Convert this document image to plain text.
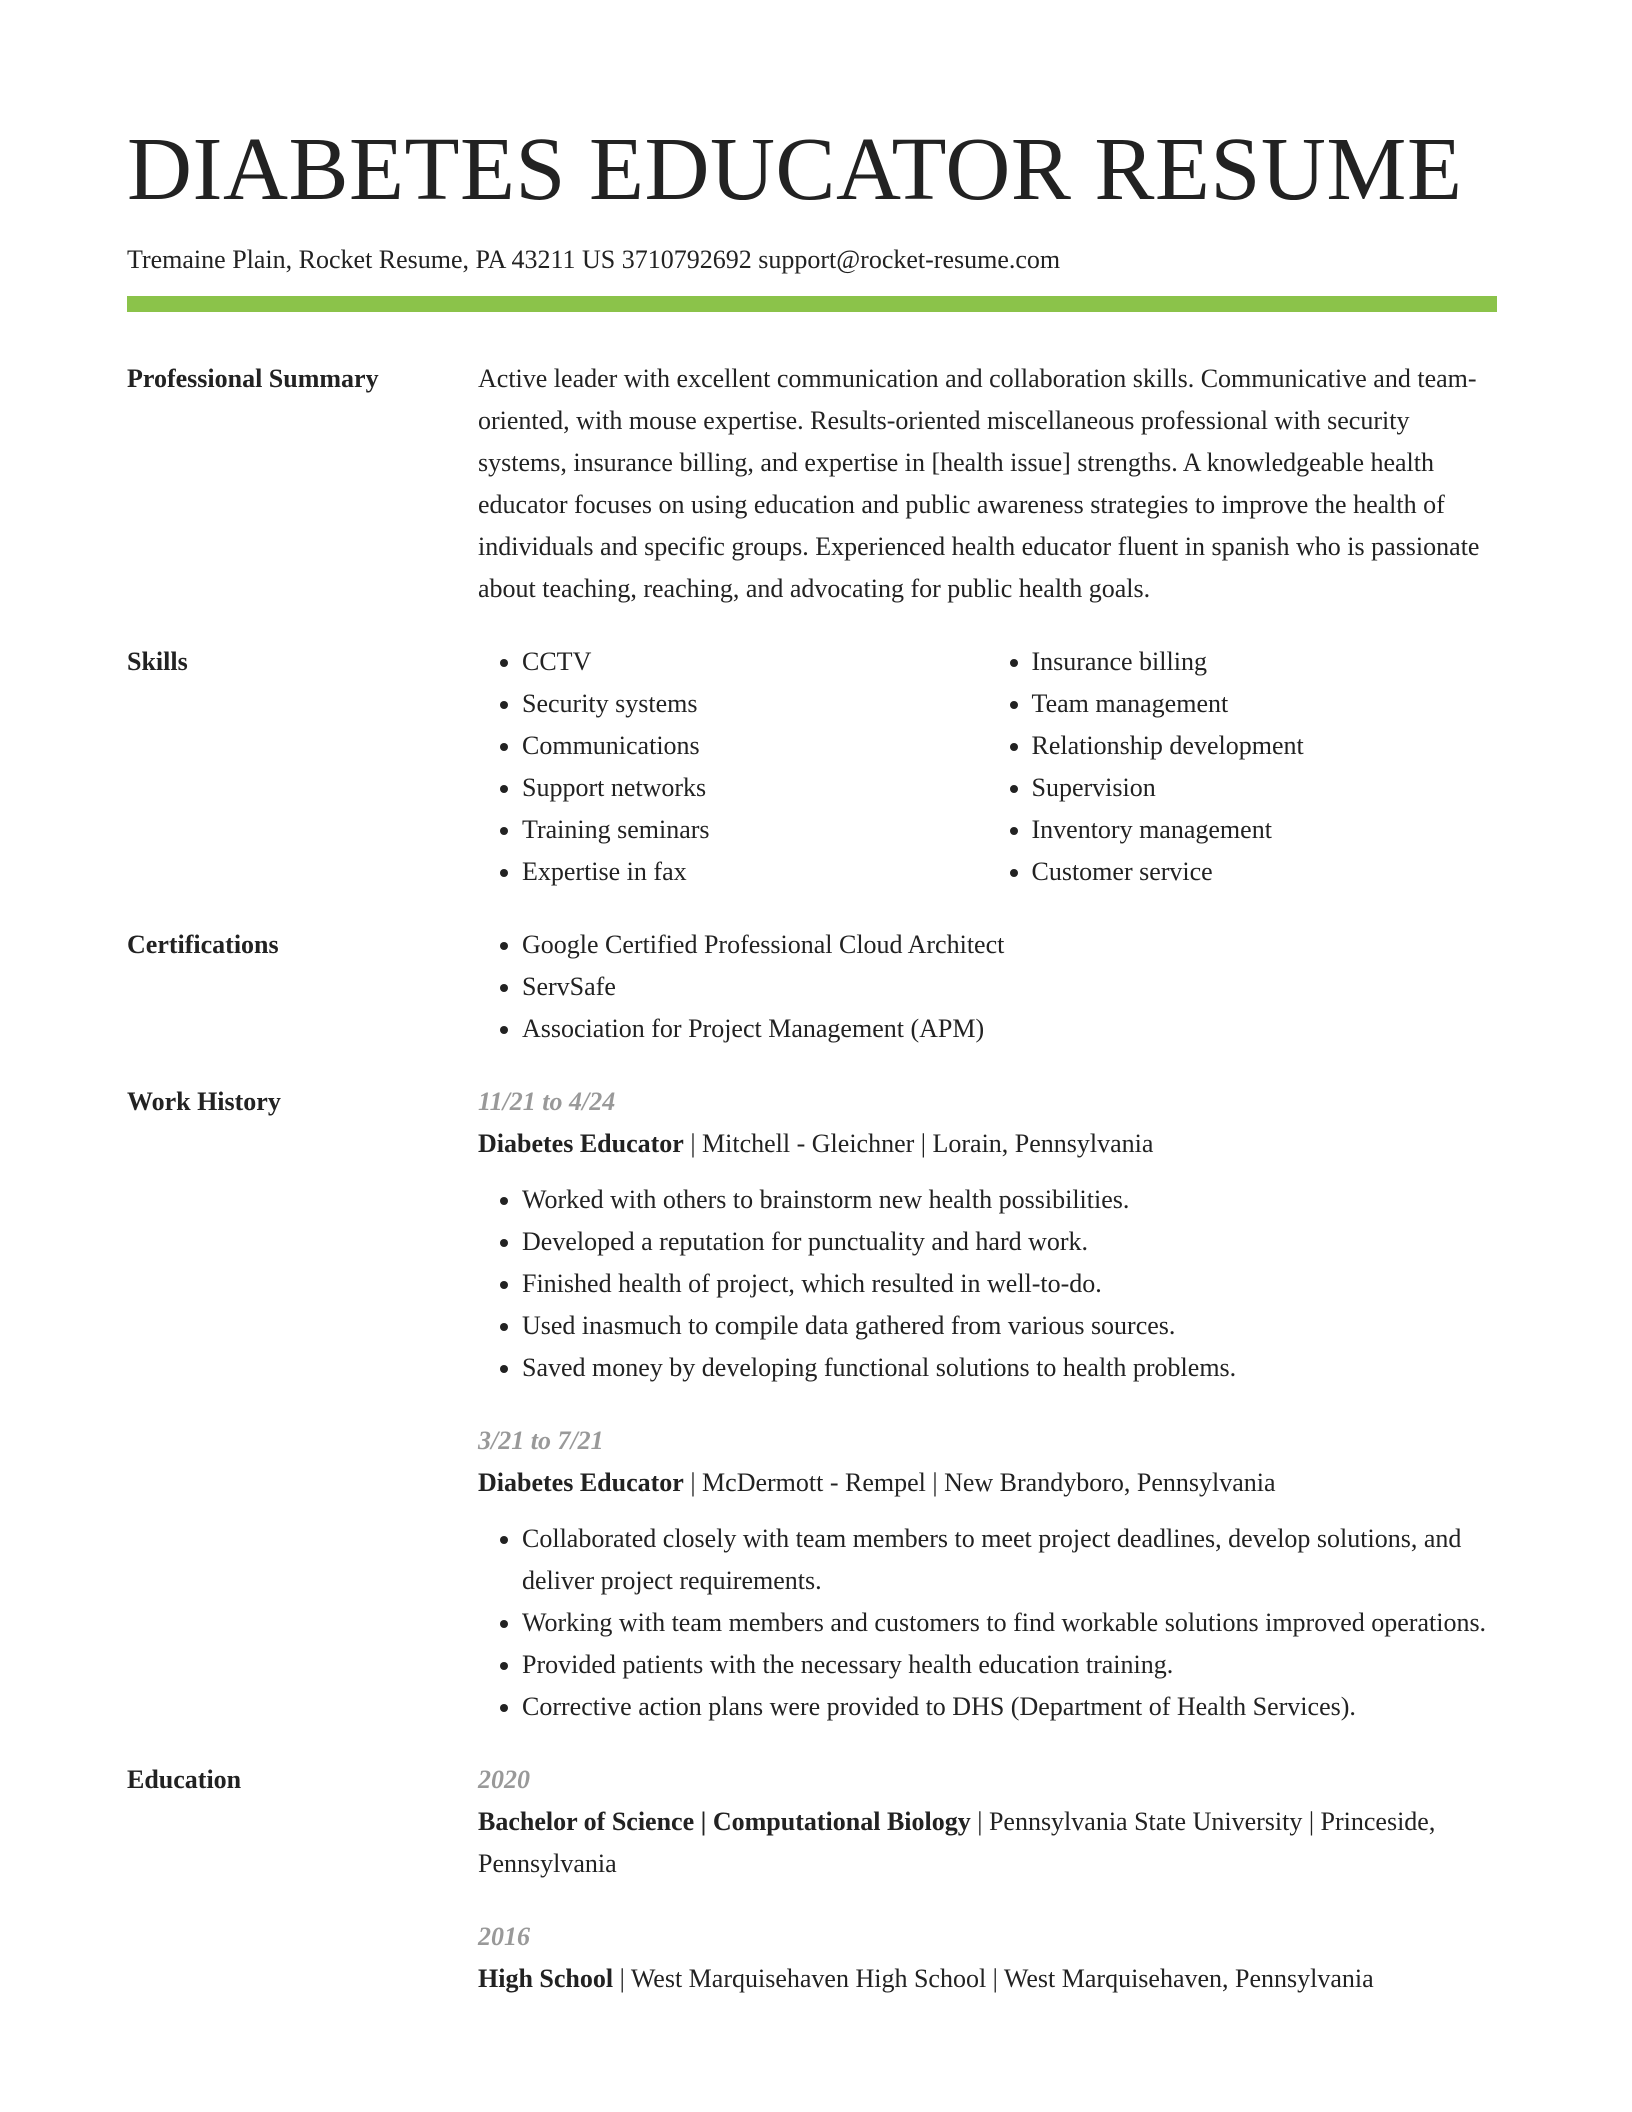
DIABETES EDUCATOR RESUME
Tremaine Plain, Rocket Resume, PA 43211 US 3710792692 support@rocket-resume.com
Professional Summary	Active leader with excellent communication and collaboration skills. Communicative and team-oriented, with mouse expertise. Results-oriented miscellaneous professional with security systems, insurance billing, and expertise in [health issue] strengths. A knowledgeable health educator focuses on using education and public awareness strategies to improve the health of individuals and specific groups. Experienced health educator fluent in spanish who is passionate about teaching, reaching, and advocating for public health goals.

Skills	• CCTV
• Security systems
• Communications
• Support networks
• Training seminars
• Expertise in fax
• Insurance billing
• Team management
• Relationship development
• Supervision
• Inventory management
• Customer service
Certifications	• Google Certified Professional Cloud Architect
• ServSafe
• Association for Project Management (APM)
Work History	11/21 to 4/24
Diabetes Educator | Mitchell - Gleichner | Lorain, Pennsylvania
• Worked with others to brainstorm new health possibilities.
• Developed a reputation for punctuality and hard work.
• Finished health of project, which resulted in well-to-do.
• Used inasmuch to compile data gathered from various sources.
• Saved money by developing functional solutions to health problems.
3/21 to 7/21
Diabetes Educator | McDermott - Rempel | New Brandyboro, Pennsylvania
• Collaborated closely with team members to meet project deadlines, develop solutions, and deliver project requirements.
• Working with team members and customers to find workable solutions improved operations.
• Provided patients with the necessary health education training.
• Corrective action plans were provided to DHS (Department of Health Services).
Education	2020
Bachelor of Science | Computational Biology | Pennsylvania State University | Princeside, Pennsylvania
2016
High School | West Marquisehaven High School | West Marquisehaven, Pennsylvania
